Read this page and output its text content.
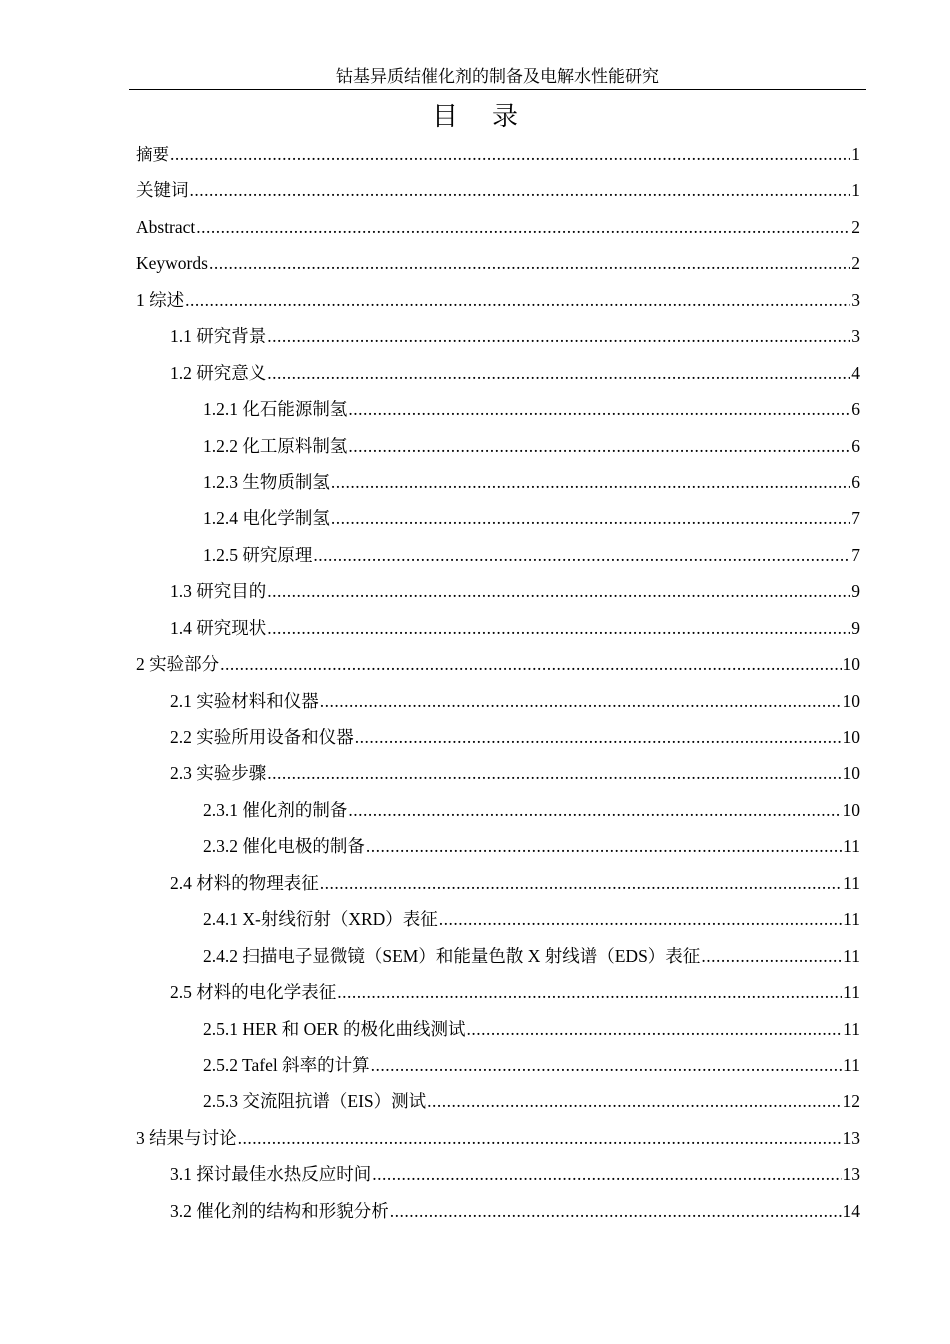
钴基异质结催化剂的制备及电解水性能研究
目录
摘要 .....	1
关键词 .....	1
Abstract .....	2
Keywords .....	2
1 综述 .....	3
1.1 研究背景 .....	3
1.2 研究意义 .....	4
1.2.1 化石能源制氢 .....	6
1.2.2 化工原料制氢 .....	6
1.2.3 生物质制氢 .....	6
1.2.4 电化学制氢 .....	7
1.2.5 研究原理 .....	7
1.3 研究目的 .....	9
1.4 研究现状 .....	9
2 实验部分 .....	10
2.1 实验材料和仪器 .....	10
2.2 实验所用设备和仪器 .....	10
2.3 实验步骤 .....	10
2.3.1 催化剂的制备 .....	10
2.3.2 催化电极的制备 .....	11
2.4 材料的物理表征 .....	11
2.4.1 X-射线衍射（XRD）表征 .....	11
2.4.2 扫描电子显微镜（SEM）和能量色散 X 射线谱（EDS）表征 .....	11
2.5 材料的电化学表征 .....	11
2.5.1 HER 和 OER 的极化曲线测试 .....	11
2.5.2 Tafel 斜率的计算 .....	11
2.5.3 交流阻抗谱（EIS）测试 .....	12
3 结果与讨论 .....	13
3.1 探讨最佳水热反应时间 .....	13
3.2 催化剂的结构和形貌分析 .....	14
